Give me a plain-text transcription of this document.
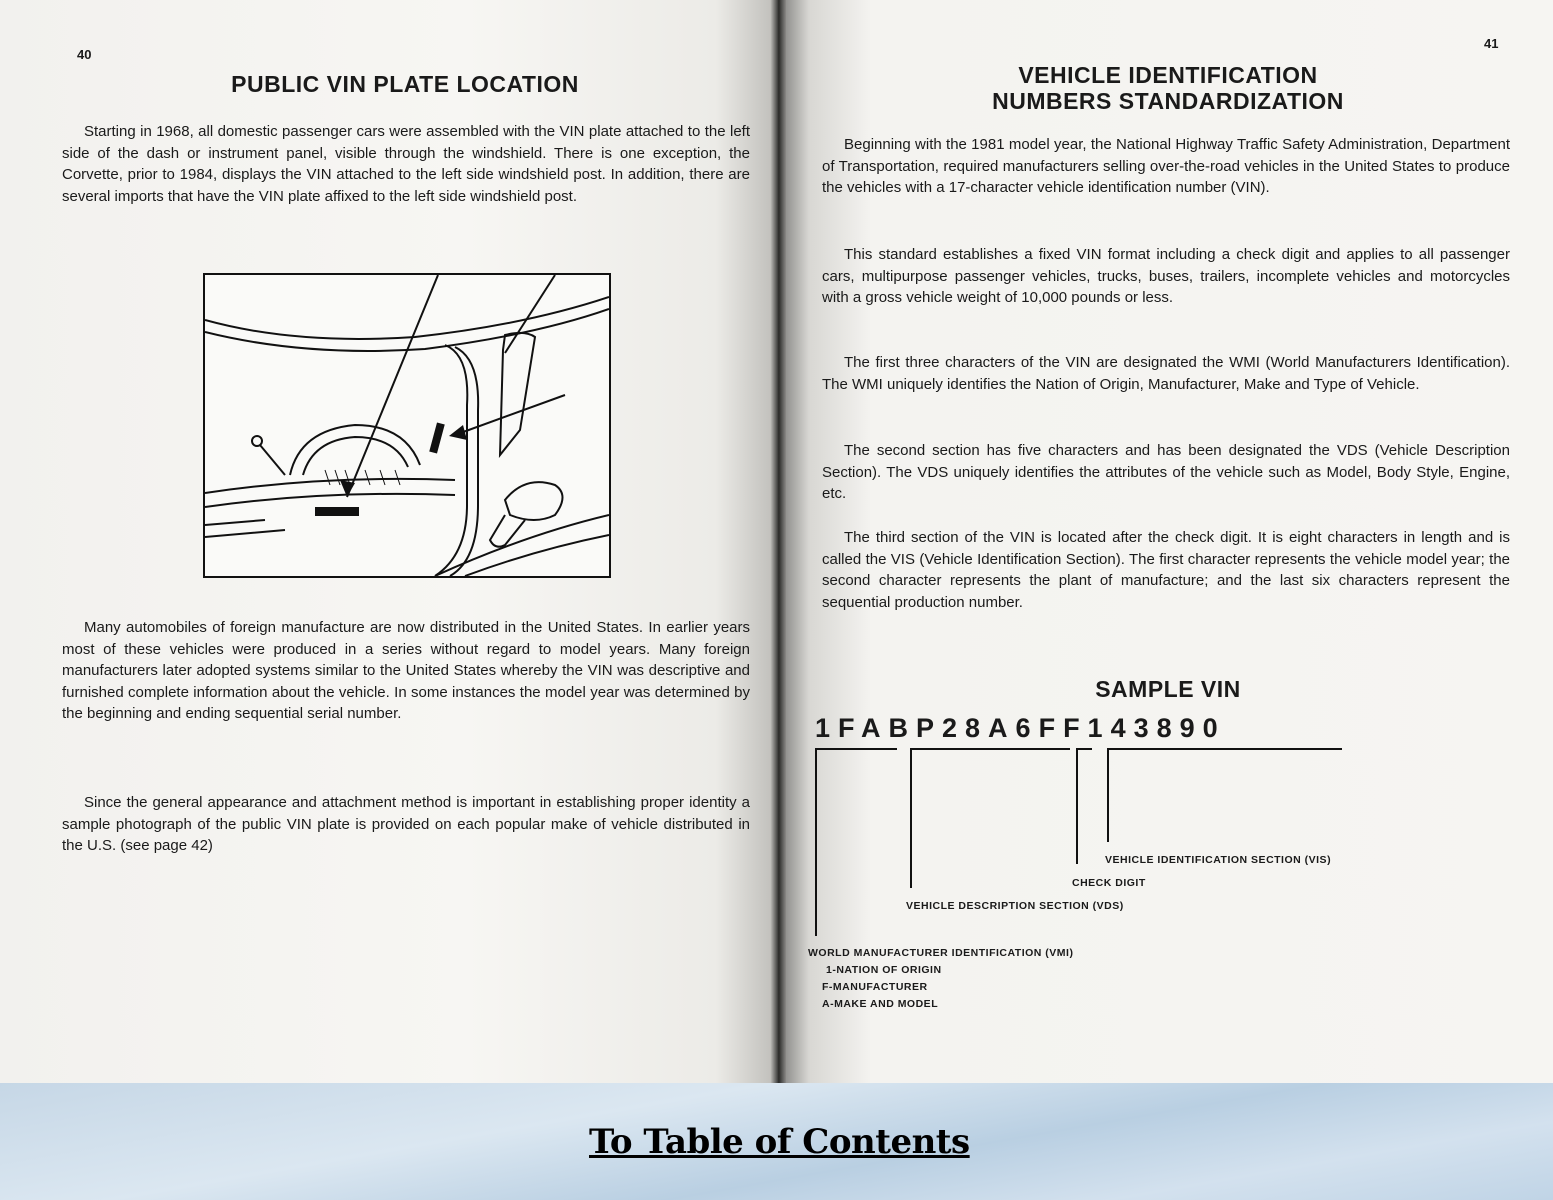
40
PUBLIC VIN PLATE LOCATION

Starting in 1968, all domestic passenger cars were assembled with the VIN plate attached to the left side of the dash or instrument panel, visible through the windshield. There is one exception, the Corvette, prior to 1984, displays the VIN attached to the left side windshield post. In addition, there are several imports that have the VIN plate affixed to the left side windshield post.

Many automobiles of foreign manufacture are now distributed in the United States. In earlier years most of these vehicles were produced in a series without regard to model years. Many foreign manufacturers later adopted systems similar to the United States whereby the VIN was descriptive and furnished complete information about the vehicle. In some instances the model year was determined by the beginning and ending sequential serial number.

Since the general appearance and attachment method is important in establishing proper identity a sample photograph of the public VIN plate is provided on each popular make of vehicle distributed in the U.S. (see page 42)

41
VEHICLE IDENTIFICATION
NUMBERS STANDARDIZATION

Beginning with the 1981 model year, the National Highway Traffic Safety Administration, Department of Transportation, required manufacturers selling over-the-road vehicles in the United States to produce the vehicles with a 17-character vehicle identification number (VIN).

This standard establishes a fixed VIN format including a check digit and applies to all passenger cars, multipurpose passenger vehicles, trucks, buses, trailers, incomplete vehicles and motorcycles with a gross vehicle weight of 10,000 pounds or less.

The first three characters of the VIN are designated the WMI (World Manufacturers Identification). The WMI uniquely identifies the Nation of Origin, Manufacturer, Make and Type of Vehicle.

The second section has five characters and has been designated the VDS (Vehicle Description Section). The VDS uniquely identifies the attributes of the vehicle such as Model, Body Style, Engine, etc.

The third section of the VIN is located after the check digit. It is eight characters in length and is called the VIS (Vehicle Identification Section). The first character represents the vehicle model year; the second character represents the plant of manufacture; and the last six characters represent the sequential production number.

SAMPLE VIN
1FABP28A6FF143890
VEHICLE IDENTIFICATION SECTION (VIS)
CHECK DIGIT
VEHICLE DESCRIPTION SECTION (VDS)
WORLD MANUFACTURER IDENTIFICATION (VMI)
1-NATION OF ORIGIN
F-MANUFACTURER
A-MAKE AND MODEL
To Table of Contents
